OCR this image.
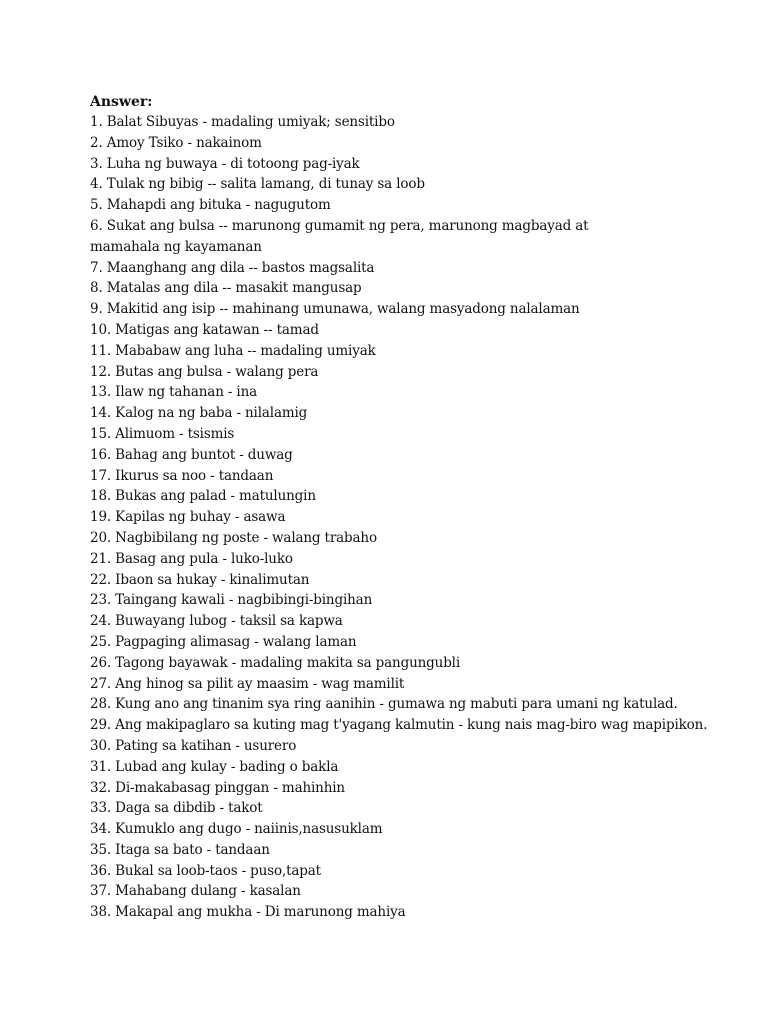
Answer:
1. Balat Sibuyas - madaling umiyak; sensitibo
2. Amoy Tsiko - nakainom
3. Luha ng buwaya - di totoong pag-iyak
4. Tulak ng bibig -- salita lamang, di tunay sa loob
5. Mahapdi ang bituka - nagugutom
6. Sukat ang bulsa -- marunong gumamit ng pera, marunong magbayad at mamahala ng kayamanan
7. Maanghang ang dila -- bastos magsalita
8. Matalas ang dila -- masakit mangusap
9. Makitid ang isip -- mahinang umunawa, walang masyadong nalalaman
10. Matigas ang katawan -- tamad
11. Mababaw ang luha -- madaling umiyak
12. Butas ang bulsa - walang pera
13. Ilaw ng tahanan - ina
14. Kalog na ng baba - nilalamig
15. Alimuom - tsismis
16. Bahag ang buntot - duwag
17. Ikurus sa noo - tandaan
18. Bukas ang palad - matulungin
19. Kapilas ng buhay - asawa
20. Nagbibilang ng poste - walang trabaho
21. Basag ang pula - luko-luko
22. Ibaon sa hukay - kinalimutan
23. Taingang kawali - nagbibingi-bingihan
24. Buwayang lubog - taksil sa kapwa
25. Pagpaging alimasag - walang laman
26. Tagong bayawak - madaling makita sa pangungubli
27. Ang hinog sa pilit ay maasim - wag mamilit
28. Kung ano ang tinanim sya ring aanihin - gumawa ng mabuti para umani ng katulad.
29. Ang makipaglaro sa kuting mag t'yagang kalmutin - kung nais mag-biro wag mapipikon.
30. Pating sa katihan - usurero
31. Lubad ang kulay - bading o bakla
32. Di-makabasag pinggan - mahinhin
33. Daga sa dibdib - takot
34. Kumuklo ang dugo - naiinis,nasusuklam
35. Itaga sa bato - tandaan
36. Bukal sa loob-taos - puso,tapat
37. Mahabang dulang - kasalan
38. Makapal ang mukha - Di marunong mahiya
